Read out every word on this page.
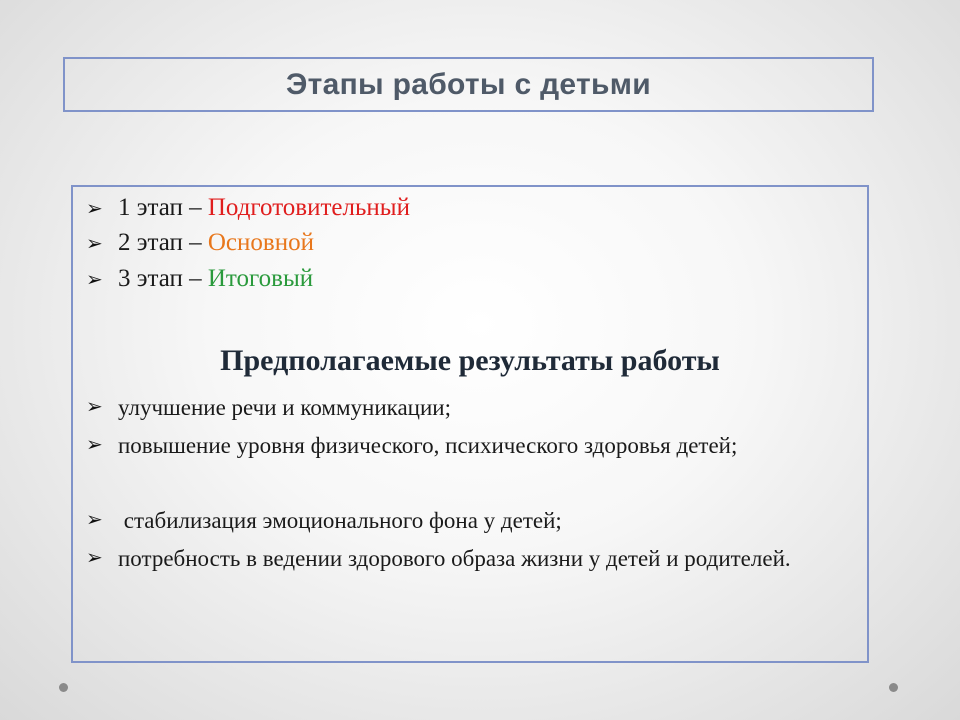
Этапы работы с детьми
➢ 1 этап – Подготовительный
➢ 2 этап – Основной
➢ 3 этап – Итоговый
Предполагаемые результаты работы
➢ улучшение речи и коммуникации;
➢ повышение уровня физического, психического здоровья детей;
➢ стабилизация эмоционального фона у детей;
➢ потребность в ведении здорового образа жизни у детей и родителей.
